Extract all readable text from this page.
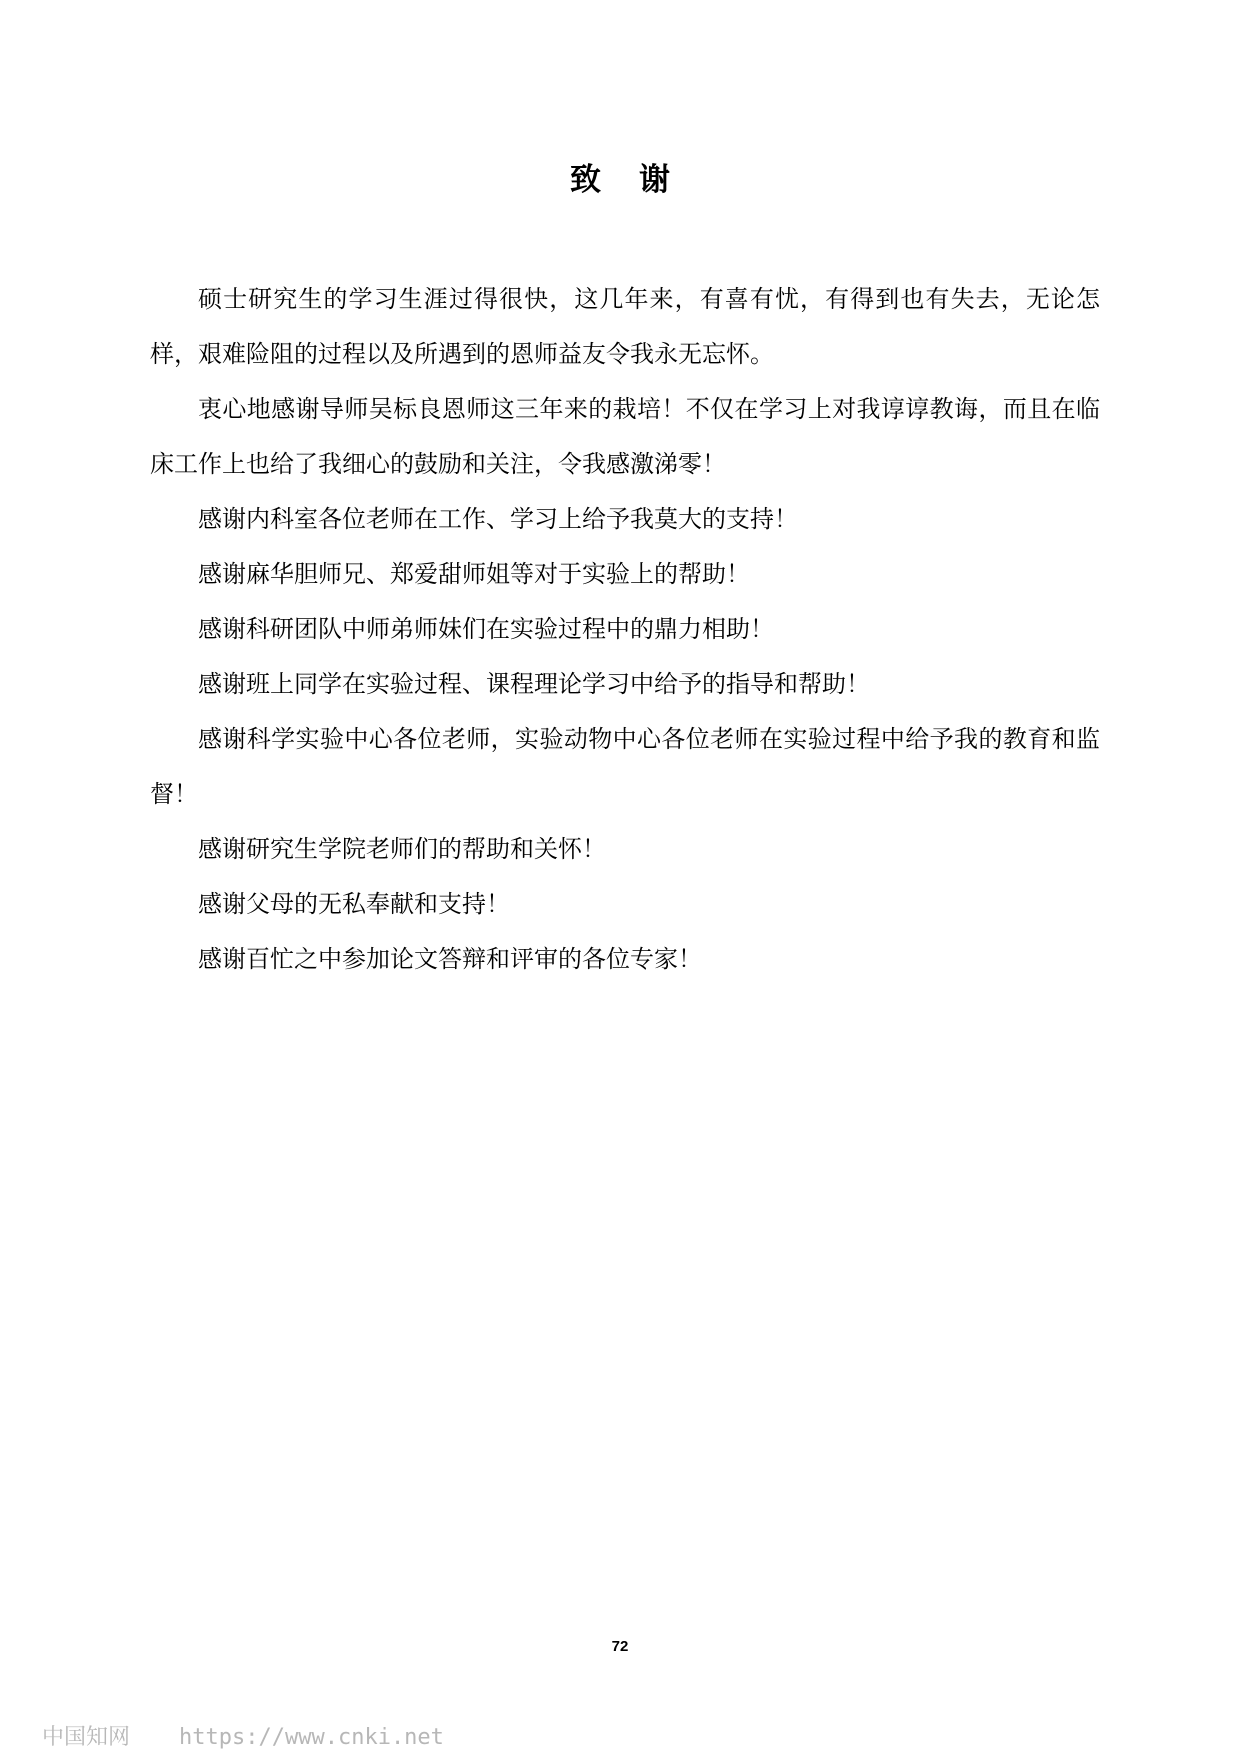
致谢

硕士研究生的学习生涯过得很快，这几年来，有喜有忧，有得到也有失去，无论怎样，艰难险阻的过程以及所遇到的恩师益友令我永无忘怀。

衷心地感谢导师吴标良恩师这三年来的栽培！不仅在学习上对我谆谆教诲，而且在临床工作上也给了我细心的鼓励和关注，令我感激涕零！

感谢内科室各位老师在工作、学习上给予我莫大的支持！

感谢麻华胆师兄、郑爱甜师姐等对于实验上的帮助！

感谢科研团队中师弟师妹们在实验过程中的鼎力相助！

感谢班上同学在实验过程、课程理论学习中给予的指导和帮助！

感谢科学实验中心各位老师，实验动物中心各位老师在实验过程中给予我的教育和监督！

感谢研究生学院老师们的帮助和关怀！

感谢父母的无私奉献和支持！

感谢百忙之中参加论文答辩和评审的各位专家！

72

中国知网 https://www.cnki.net
